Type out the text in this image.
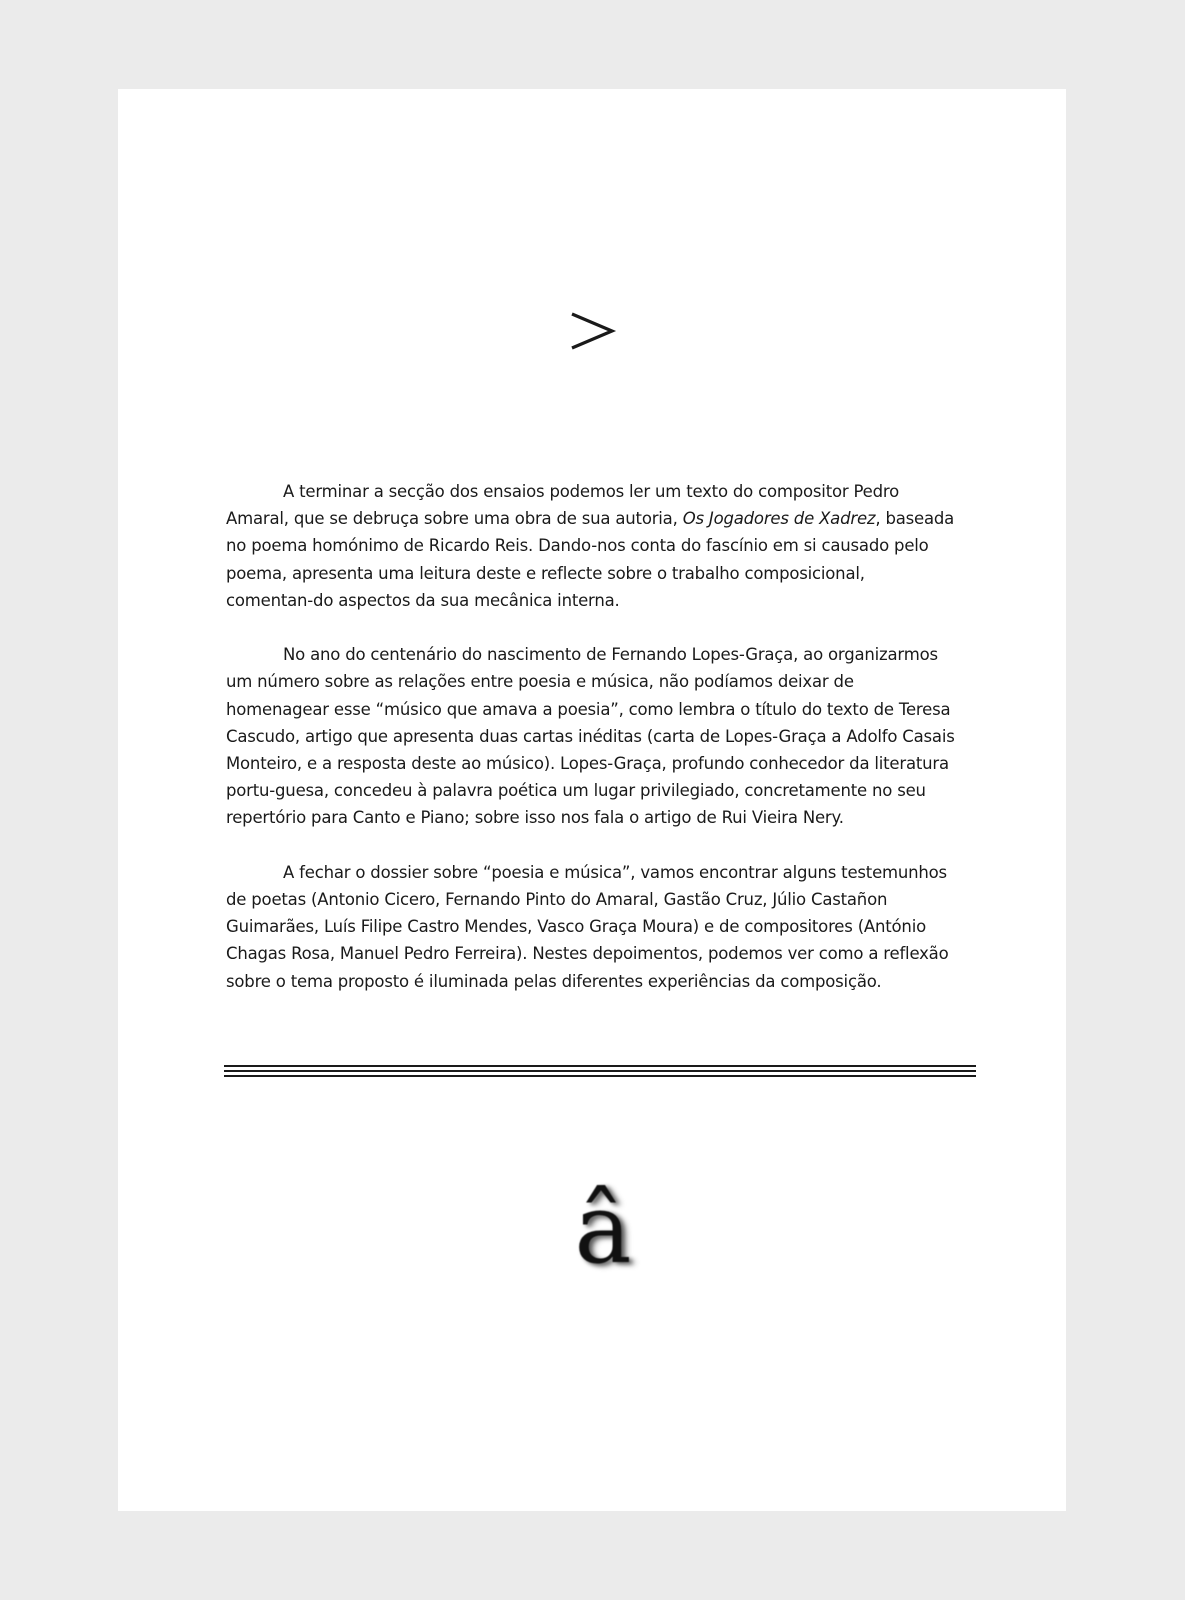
A terminar a secção dos ensaios podemos ler um texto do compositor Pedro Amaral, que se debruça sobre uma obra de sua autoria, Os Jogadores de Xadrez, baseada no poema homónimo de Ricardo Reis. Dando-nos conta do fascínio em si causado pelo poema, apresenta uma leitura deste e reflecte sobre o trabalho composicional, comentan-do aspectos da sua mecânica interna.

No ano do centenário do nascimento de Fernando Lopes-Graça, ao organizarmos um número sobre as relações entre poesia e música, não podíamos deixar de homenagear esse “músico que amava a poesia”, como lembra o título do texto de Teresa Cascudo, artigo que apresenta duas cartas inéditas (carta de Lopes-Graça a Adolfo Casais Monteiro, e a resposta deste ao músico). Lopes-Graça, profundo conhecedor da literatura portu-guesa, concedeu à palavra poética um lugar privilegiado, concretamente no seu repertório para Canto e Piano; sobre isso nos fala o artigo de Rui Vieira Nery.

A fechar o dossier sobre “poesia e música”, vamos encontrar alguns testemunhos de poetas (Antonio Cicero, Fernando Pinto do Amaral, Gastão Cruz, Júlio Castañon Guimarães, Luís Filipe Castro Mendes, Vasco Graça Moura) e de compositores (António Chagas Rosa, Manuel Pedro Ferreira). Nestes depoimentos, podemos ver como a reflexão sobre o tema proposto é iluminada pelas diferentes experiências da composição.

â
